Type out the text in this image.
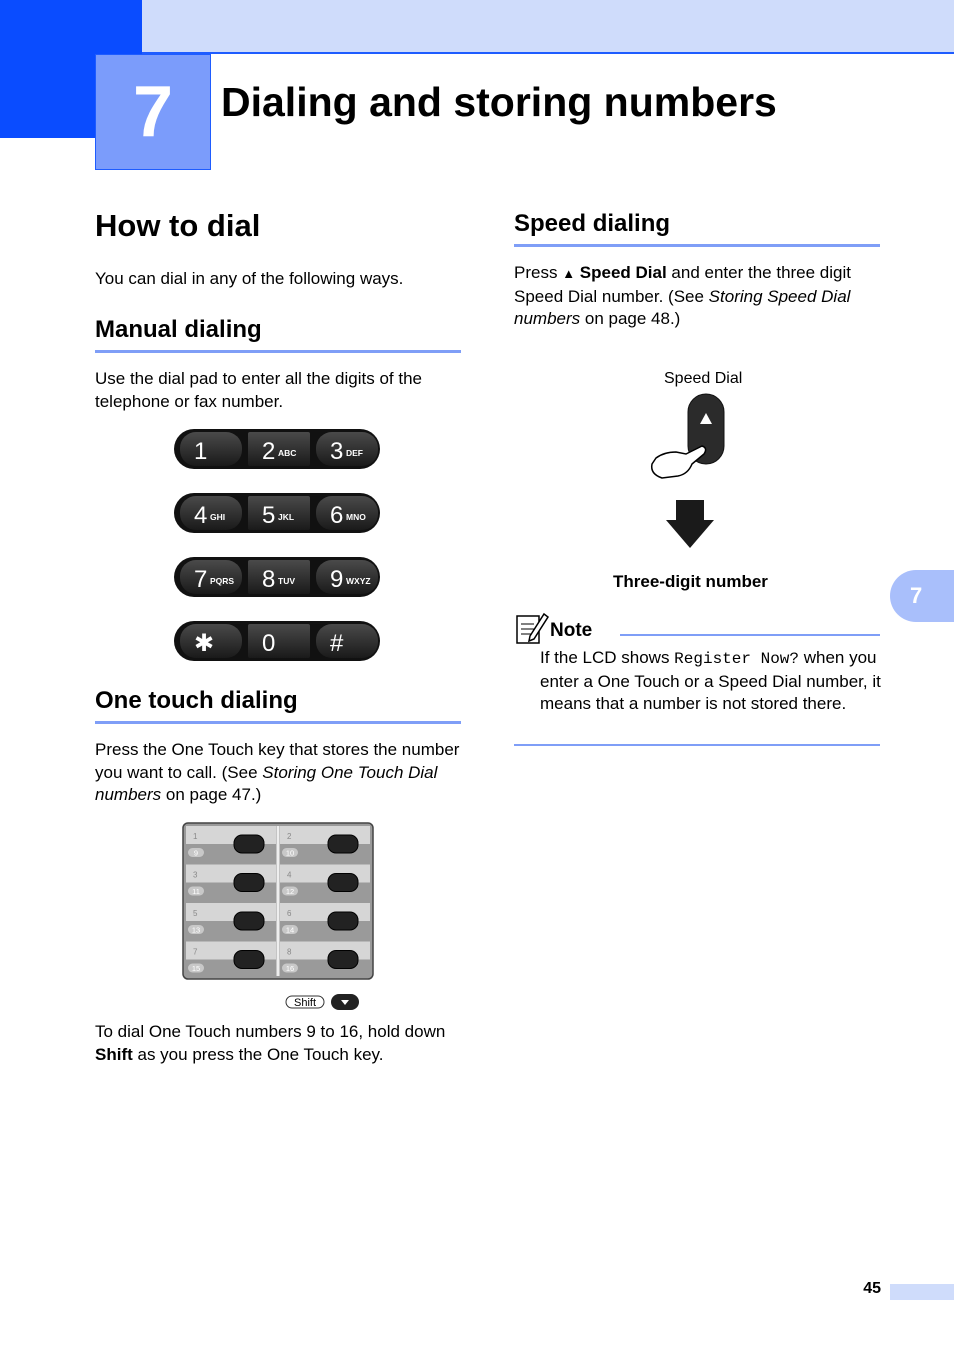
7	Dialing and storing numbers
How to dial

You can dial in any of the following ways.

Manual dialing

Use the dial pad to enter all the digits of the telephone or fax number.

1 2 ABC 3 DEF
4 GHI 5 JKL 6 MNO
7 PQRS 8 TUV 9 WXYZ
✱ 0 #
One touch dialing

Press the One Touch key that stores the number you want to call. (See Storing One Touch Dial numbers on page 47.)

1
9
2
10
3
11
4
12
5
13
6
14
7
15
8
16
Shift

To dial One Touch numbers 9 to 16, hold down Shift as you press the One Touch key.

Speed dialing

Press ▲ Speed Dial and enter the three digit Speed Dial number. (See Storing Speed Dial numbers on page 48.)

Speed Dial
Three-digit number
Note

If the LCD shows Register Now? when you enter a One Touch or a Speed Dial number, it means that a number is not stored there.

7
45
